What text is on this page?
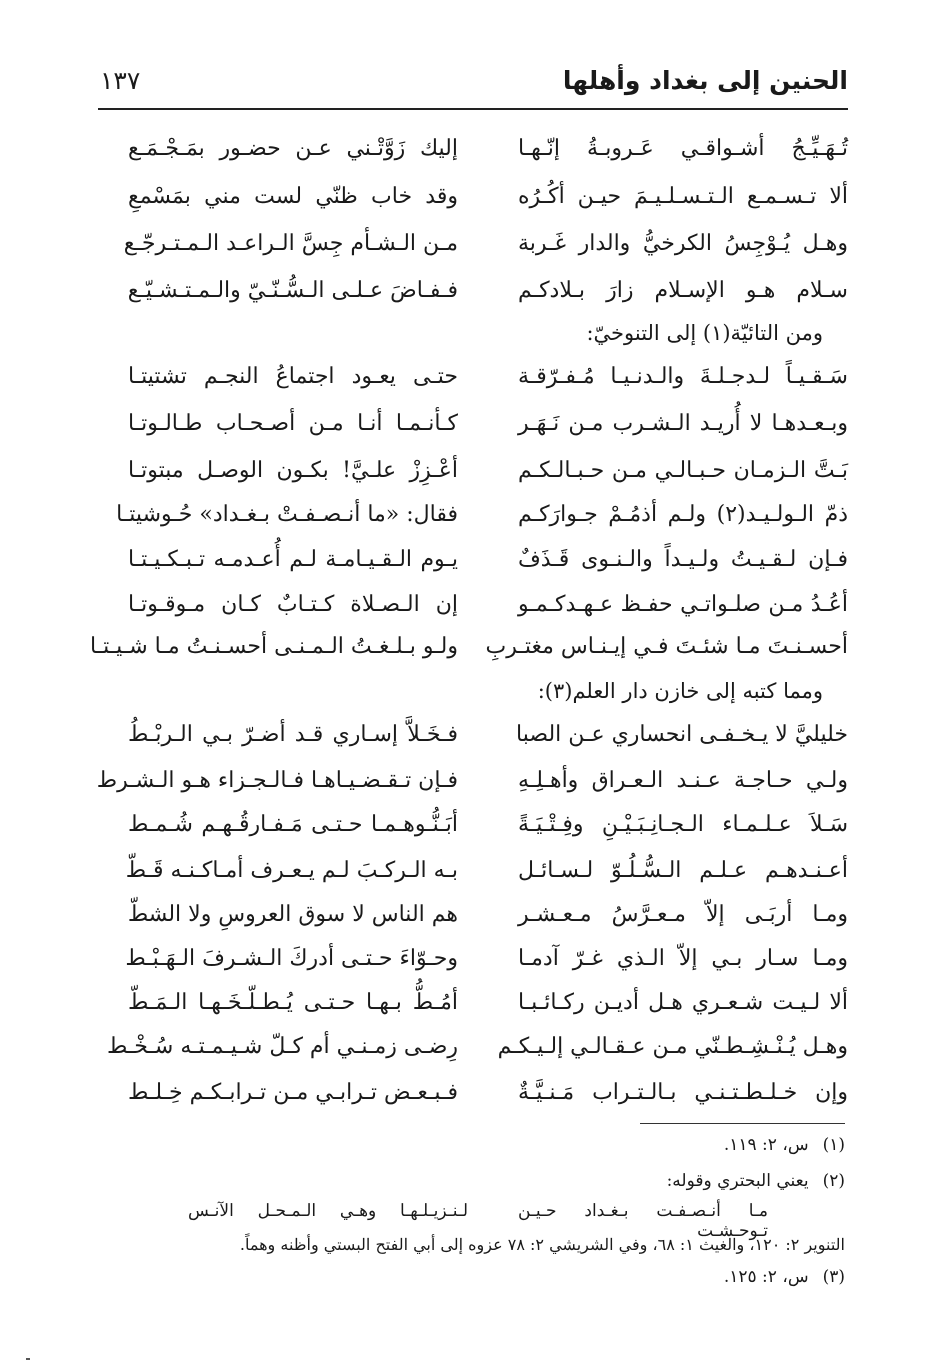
الحنين إلى بغداد وأهلها
١٣٧
تُـهَـيِّـجُ أشـواقـي عَـروبـةُ إنّـهـا
إليك زَوَّتْـني عـن حضـور بمَـجْـمَـع
ألا تـسـمـع الـتـسـلـيـمَ حيـن أكُـرُه
وقد خاب ظنّي لست مني بمَسْمعِ
وهـل يُـوْجِسُ الكرخيُّ والدار غَـربة
مـن الـشـأم جِسَّ الـراعـد الـمـتـرجّـع
سـلام هـو الإسـلام زارَ بـلادكـم
فـفـاضَ عـلـى الـسُّـنّـيّ والـمـتـشـيّـع
ومن التائيّة(١) إلى التنوخيّ:
سَـقـيـاً لـدجـلـةَ والـدنـيـا مُـفـرّقـة
حتـى يعـود اجتماعُ النجـم تشتيتـا
وبـعـدهـا لا أُريـد الـشـرب مـن نَـهَـر
كـأنـمـا أنـا مـن أصـحـاب طـالـوتـا
بَـتَّ الـزمـان حـبـالـي مـن حـبـالـكـم
أعْـزِزْ علـيَّ! بكـون الوصـل مبتوتـا
ذمّ الـولـيـد(٢) ولـم أذمُـمْ جـوارَكـم
فقال: «ما أنـصـفـتْ بـغـداد» حُـوشيتـا
فـإن لـقـيـتُ ولـيـداً والـنـوى قَـذَفٌ
يـوم الـقـيـامـة لـم أُعـدمـه تـبـكـيـتـا
أعُـدُ مـن صلـواتـي حفـظ عـهـدكـمـو
إن الـصـلاة كـتـابٌ كـان مـوقـوتـا
أحسـنـتَ مـا شئـتَ فـي إيـنـاس مغتـربِ
ولـو بـلـغـتُ الـمـنـى أحسـنـتُ مـا شـيـتـا
ومما كتبه إلى خازن دار العلم(٣):
خليليَّ لا يـخـفـى انحساري عـن الصبا
فـخَـلاَّ إسـاري قـد أضـرّ بـي الـربْـطُ
ولـي حـاجـة عـنـد الـعـراق وأهـلِـهِ
فـإن تـقـضـيـاهـا فـالـجـزاء هـو الـشـرط
سَـلاَ عـلـمـاء الـجـانِـبَـيْـنِ وفِـتْـيَـةً
أبَـنُّـوهـمـا حـتـى مَـفـارقُـهـم شُـمـط
أعـنـدهـم عـلـم الـسُّـلُـوّ لـسـائـل
بـه الـركـبَ لـم يـعـرف أمـاكـنـه قَـطّ
ومـا أربَـى إلاّ مـعـرَّسُ مـعـشـر
هم الناس لا سوق العروسِ ولا الشطّ
ومـا سـار بـي إلاّ الـذي غـرّ آدمـا
وحـوّاءَ حـتـى أدركَ الـشـرفَ الـهَـبْـط
ألا لـيـت شـعـري هـل أديـن ركـائـبـا
أمُـطُّ بـهـا حـتـى يُـطـلّـخَـهـا الـمَـطّ
وهـل يُـنْـشِـطـنّي مـن عـقـالـي إلـيـكـم
رِضـى زمـنـي أم كـلّ شـيـمـتـه سُـخْـط
وإن خـلـطـتـنـي بـالـتـراب مَـنـيَّـةٌ
فـبـعـض تـرابـي مـن تـرابـكـم خِـلـط
(١)س، ٢: ١١٩.
(٢)يعني البحتري وقوله:
مـا أنـصـفـت بـغـداد حـيـن تـوحـشـت
لـنـزيـلـهـا وهـي الـمـحـل الآنـس
التنوير ٢: ١٢٠، والغيث ١: ٦٨، وفي الشريشي ٢: ٧٨ عزوه إلى أبي الفتح البستي وأظنه وهماً.
(٣)س، ٢: ١٢٥.
